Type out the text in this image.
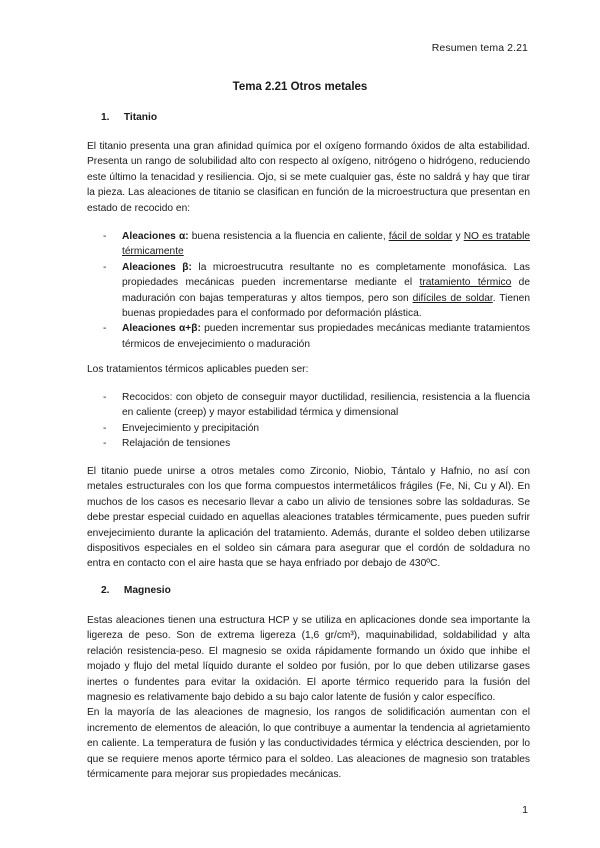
Resumen tema 2.21
Tema 2.21 Otros metales
1. Titanio

El titanio presenta una gran afinidad química por el oxígeno formando óxidos de alta estabilidad. Presenta un rango de solubilidad alto con respecto al oxígeno, nitrógeno o hidrógeno, reduciendo este último la tenacidad y resiliencia. Ojo, si se mete cualquier gas, éste no saldrá y hay que tirar la pieza. Las aleaciones de titanio se clasifican en función de la microestructura que presentan en estado de recocido en:

- Aleaciones α: buena resistencia a la fluencia en caliente, fácil de soldar y NO es tratable térmicamente
- Aleaciones β: la microestrucutra resultante no es completamente monofásica. Las propiedades mecánicas pueden incrementarse mediante el tratamiento térmico de maduración con bajas temperaturas y altos tiempos, pero son difíciles de soldar. Tienen buenas propiedades para el conformado por deformación plástica.
- Aleaciones α+β: pueden incrementar sus propiedades mecánicas mediante tratamientos térmicos de envejecimiento o maduración

Los tratamientos térmicos aplicables pueden ser:

- Recocidos: con objeto de conseguir mayor ductilidad, resiliencia, resistencia a la fluencia en caliente (creep) y mayor estabilidad térmica y dimensional
- Envejecimiento y precipitación
- Relajación de tensiones

El titanio puede unirse a otros metales como Zirconio, Niobio, Tántalo y Hafnio, no así con metales estructurales con los que forma compuestos intermetálicos frágiles (Fe, Ni, Cu y Al). En muchos de los casos es necesario llevar a cabo un alivio de tensiones sobre las soldaduras. Se debe prestar especial cuidado en aquellas aleaciones tratables térmicamente, pues pueden sufrir envejecimiento durante la aplicación del tratamiento. Además, durante el soldeo deben utilizarse dispositivos especiales en el soldeo sin cámara para asegurar que el cordón de soldadura no entra en contacto con el aire hasta que se haya enfriado por debajo de 430ºC.

2. Magnesio

Estas aleaciones tienen una estructura HCP y se utiliza en aplicaciones donde sea importante la ligereza de peso. Son de extrema ligereza (1,6 gr/cm³), maquinabilidad, soldabilidad y alta relación resistencia-peso. El magnesio se oxida rápidamente formando un óxido que inhibe el mojado y flujo del metal líquido durante el soldeo por fusión, por lo que deben utilizarse gases inertes o fundentes para evitar la oxidación. El aporte térmico requerido para la fusión del magnesio es relativamente bajo debido a su bajo calor latente de fusión y calor específico.

En la mayoría de las aleaciones de magnesio, los rangos de solidificación aumentan con el incremento de elementos de aleación, lo que contribuye a aumentar la tendencia al agrietamiento en caliente. La temperatura de fusión y las conductividades térmica y eléctrica descienden, por lo que se requiere menos aporte térmico para el soldeo. Las aleaciones de magnesio son tratables térmicamente para mejorar sus propiedades mecánicas.

1
